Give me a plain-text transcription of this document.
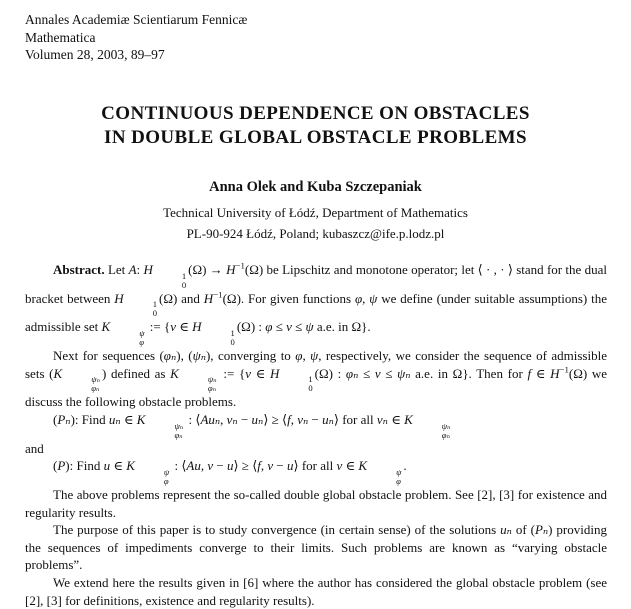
Annales Academiæ Scientiarum Fennicæ
Mathematica
Volumen 28, 2003, 89–97
CONTINUOUS DEPENDENCE ON OBSTACLES
IN DOUBLE GLOBAL OBSTACLE PROBLEMS
Anna Olek and Kuba Szczepaniak
Technical University of Łódź, Department of Mathematics
PL-90-924 Łódź, Poland; kubaszcz@ife.p.lodz.pl

Abstract. Let A: H	1
0
$(\Omega) \to H^{-1}(\Omega)$ be Lipschitz and monotone operator; let ⟨ · , · ⟩ stand for the dual bracket between H	1
0
(Ω) and $H^{-1}(\Omega)$. For given functions φ, ψ we define (under suitable assumptions) the admissible set K	ψ
φ
:= {v ∈ H	1
0
(Ω) : φ ≤ v ≤ ψ a.e. in Ω}.

Next for sequences (φₙ), (ψₙ), converging to φ, ψ, respectively, we consider the sequence of admissible sets (K	ψₙ
φₙ
) defined as K	ψₙ
φₙ
:= {v ∈ H	1
0
(Ω) : φₙ ≤ v ≤ ψₙ a.e. in Ω}. Then for f ∈ $H^{-1}(\Omega)$ we discuss the following obstacle problems.

(Pₙ): Find uₙ ∈ K	ψₙ
φₙ
: ⟨Auₙ, vₙ − uₙ⟩ ≥ ⟨f, vₙ − uₙ⟩ for all vₙ ∈ K	ψₙ
φₙ

and

(P): Find u ∈ K	ψ
φ
: ⟨Au, v − u⟩ ≥ ⟨f, v − u⟩ for all v ∈ K	ψ
φ
.

The above problems represent the so-called double global obstacle problem. See [2], [3] for existence and regularity results.

The purpose of this paper is to study convergence (in certain sense) of the solutions uₙ of (Pₙ) providing the sequences of impediments converge to their limits. Such problems are known as “varying obstacle problems”.

We extend here the results given in [6] where the author has considered the global obstacle problem (see [2], [3] for definitions, existence and regularity results).
